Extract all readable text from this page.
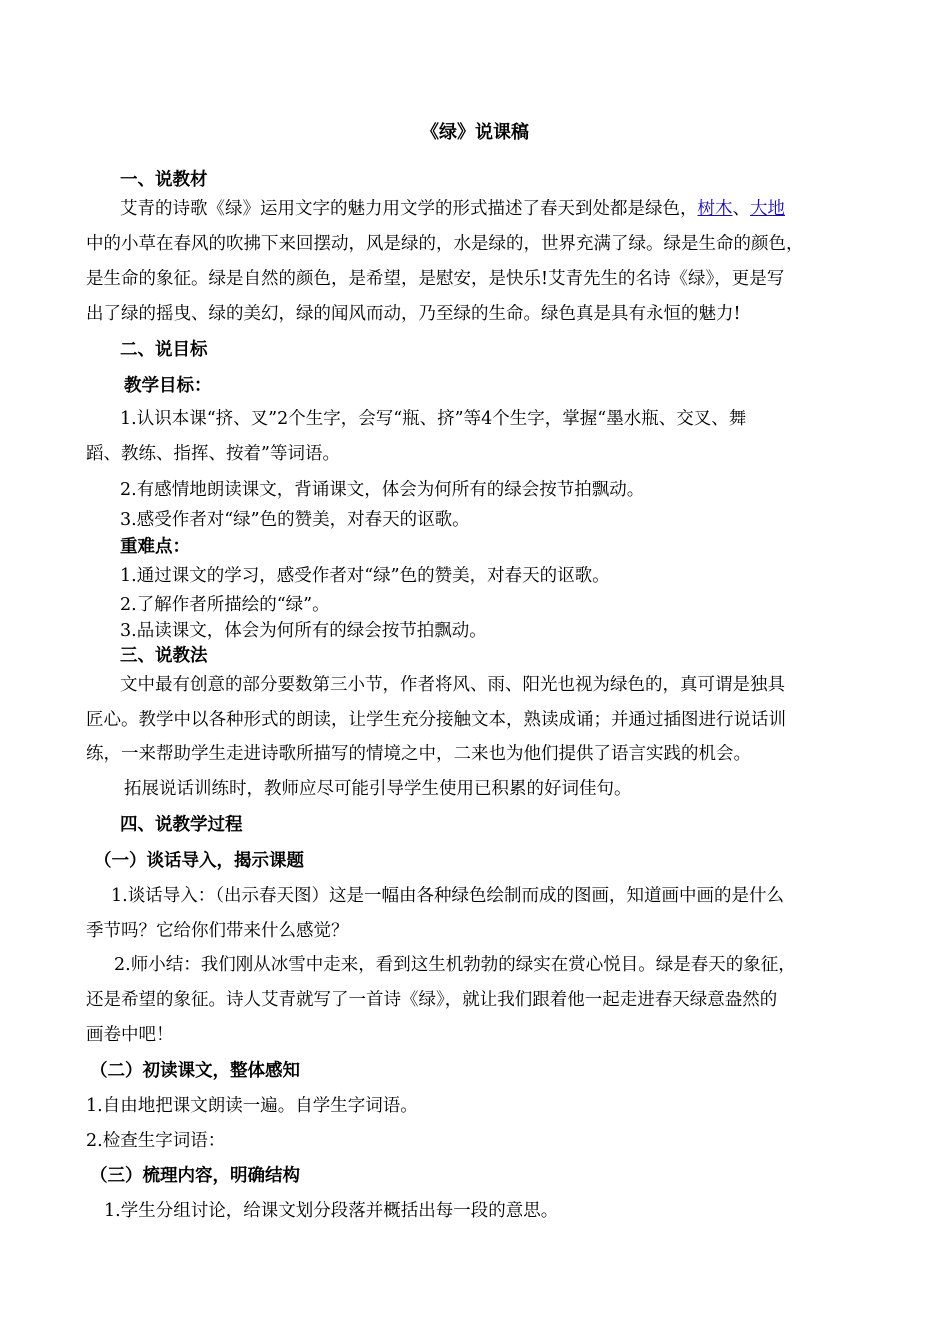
《绿》说课稿
一、说教材
艾青的诗歌《绿》运用文字的魅力用文学的形式描述了春天到处都是绿色，树木、大地
中的小草在春风的吹拂下来回摆动，风是绿的，水是绿的，世界充满了绿。绿是生命的颜色，
是生命的象征。绿是自然的颜色，是希望，是慰安，是快乐!艾青先生的名诗《绿》，更是写
出了绿的摇曳、绿的美幻，绿的闻风而动，乃至绿的生命。绿色真是具有永恒的魅力!
二、说目标
教学目标：
1.认识本课“挤、叉”2个生字，会写“瓶、挤”等4个生字，掌握“墨水瓶、交叉、舞
蹈、教练、指挥、按着”等词语。
2.有感情地朗读课文，背诵课文，体会为何所有的绿会按节拍飘动。
3.感受作者对“绿”色的赞美，对春天的讴歌。
重难点：
1.通过课文的学习，感受作者对“绿”色的赞美，对春天的讴歌。
2.了解作者所描绘的“绿”。
3.品读课文，体会为何所有的绿会按节拍飘动。
三、说教法
文中最有创意的部分要数第三小节，作者将风、雨、阳光也视为绿色的，真可谓是独具
匠心。教学中以各种形式的朗读，让学生充分接触文本，熟读成诵；并通过插图进行说话训
练，一来帮助学生走进诗歌所描写的情境之中，二来也为他们提供了语言实践的机会。
拓展说话训练时，教师应尽可能引导学生使用已积累的好词佳句。
四、说教学过程
（一）谈话导入，揭示课题
1.谈话导入：（出示春天图）这是一幅由各种绿色绘制而成的图画，知道画中画的是什么
季节吗？它给你们带来什么感觉？
2.师小结：我们刚从冰雪中走来，看到这生机勃勃的绿实在赏心悦目。绿是春天的象征，
还是希望的象征。诗人艾青就写了一首诗《绿》，就让我们跟着他一起走进春天绿意盎然的
画卷中吧！
（二）初读课文，整体感知
1.自由地把课文朗读一遍。自学生字词语。
2.检查生字词语：
（三）梳理内容，明确结构
1.学生分组讨论，给课文划分段落并概括出每一段的意思。
